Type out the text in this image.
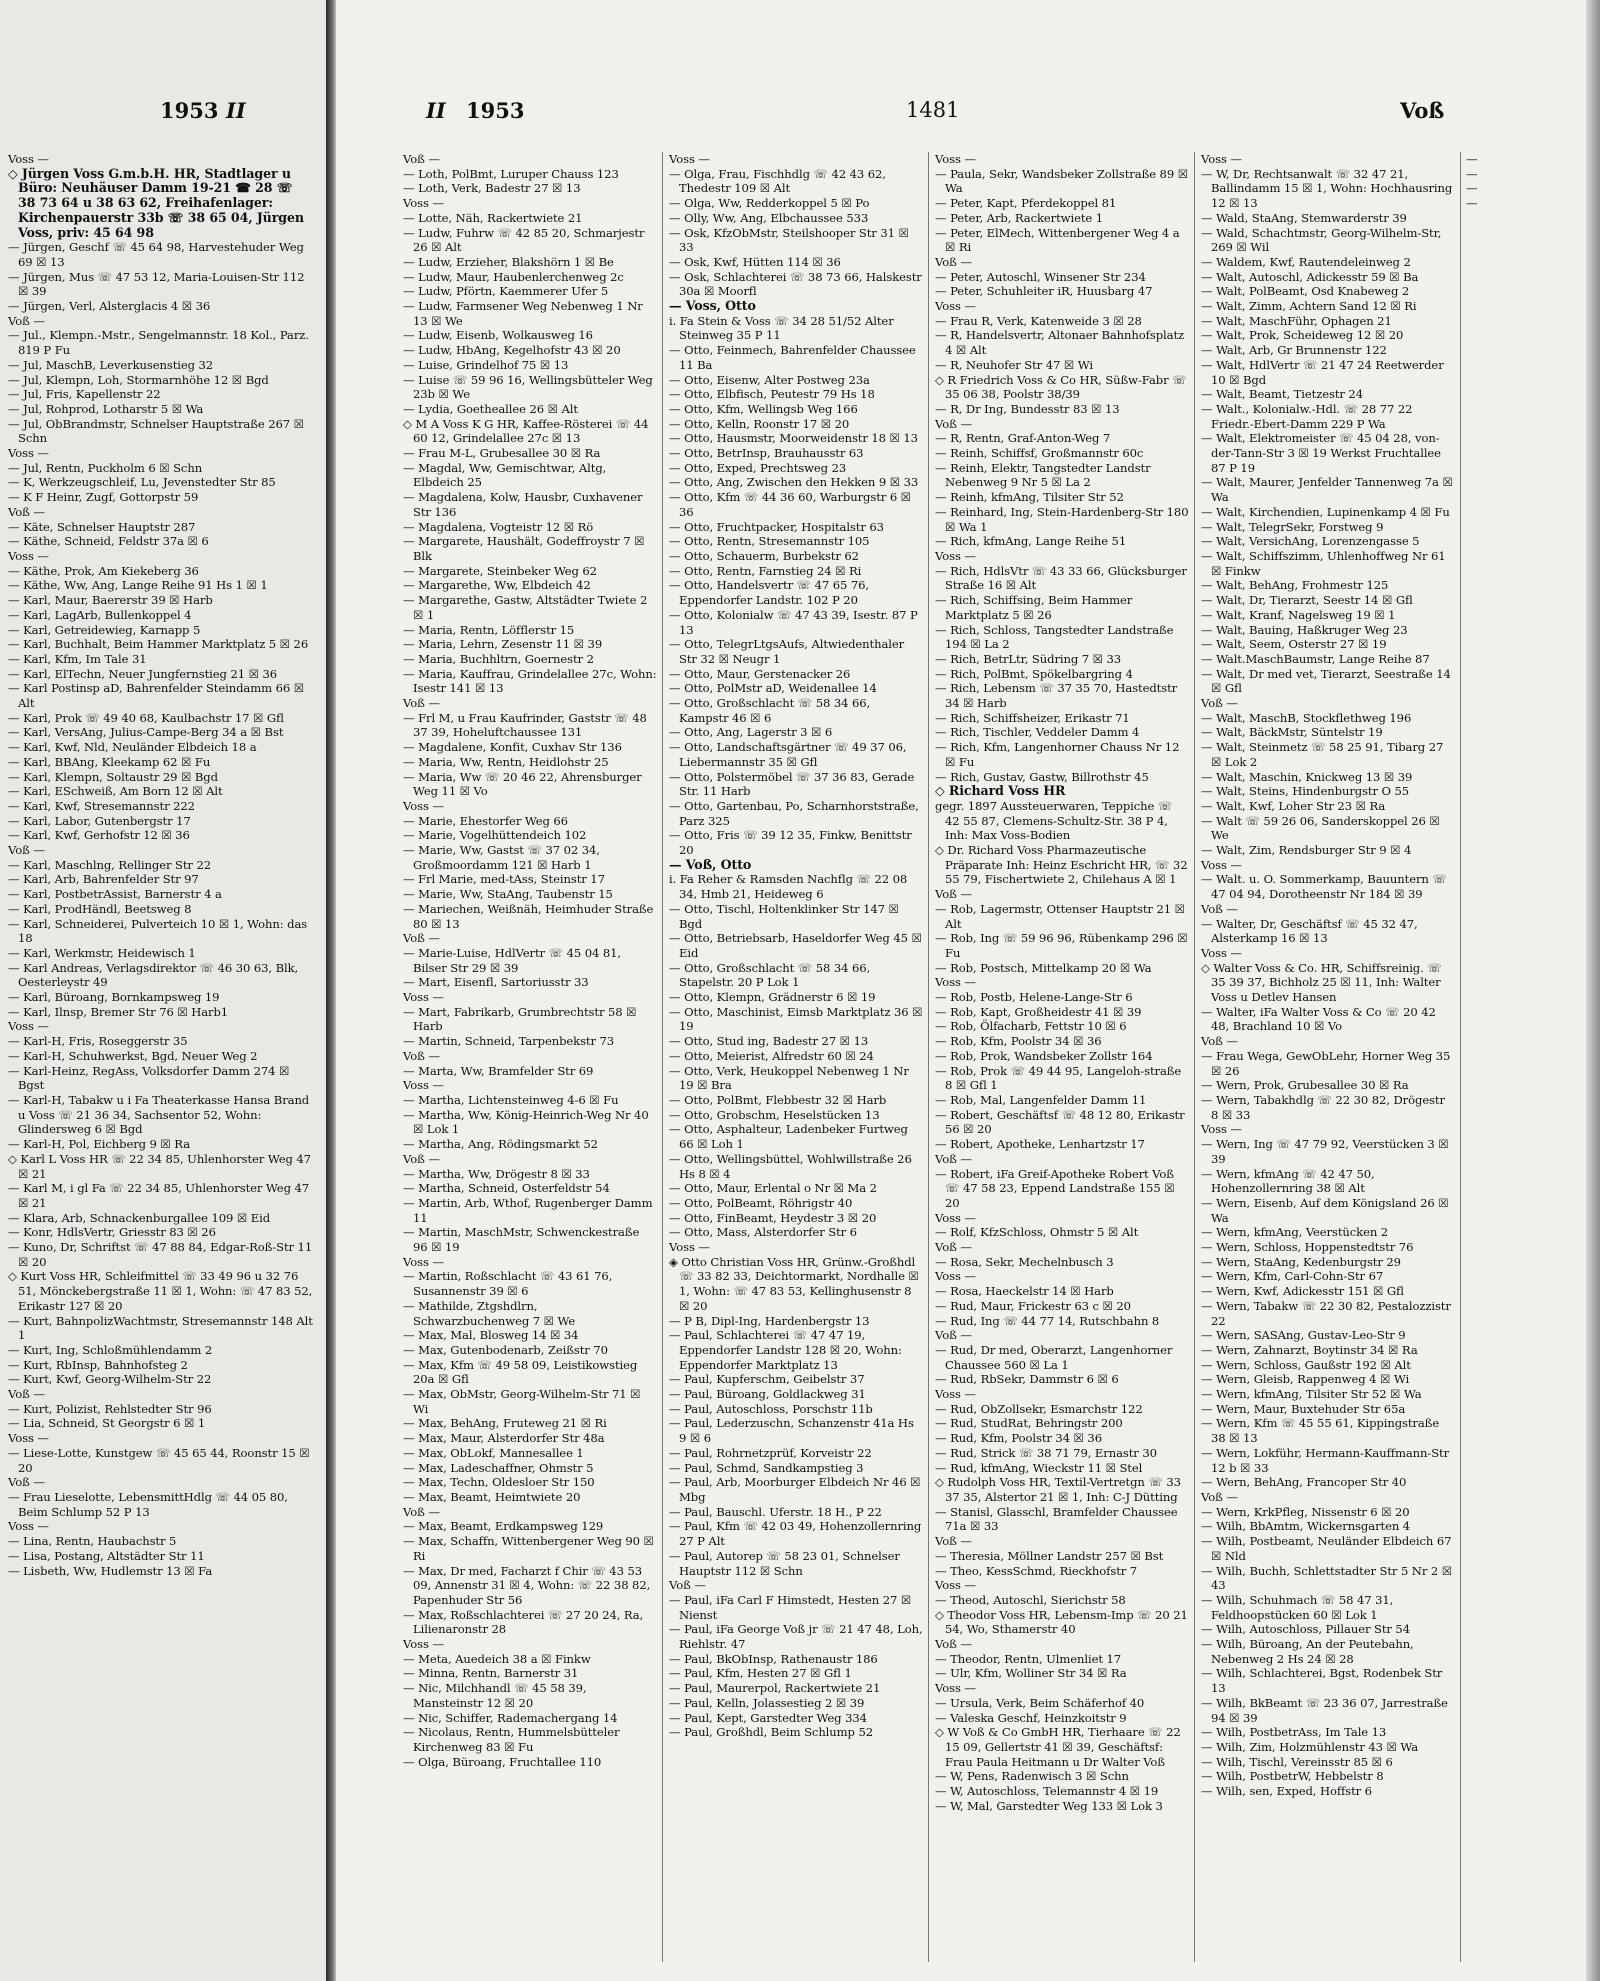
1953 II	II 1953	1481	Voß

Voss —

◇ Jürgen Voss G.m.b.H. HR, Stadtlager u Büro: Neuhäuser Damm 19-21 ☎ 28 ☏ 38 73 64 u 38 63 62, Freihafenlager: Kirchenpauerstr 33b ☏ 38 65 04, Jürgen Voss, priv: 45 64 98

— Jürgen, Geschf ☏ 45 64 98, Harvestehuder Weg 69 ☒ 13

— Jürgen, Mus ☏ 47 53 12, Maria-Louisen-Str 112 ☒ 39

— Jürgen, Verl, Alsterglacis 4 ☒ 36

Voß —

— Jul., Klempn.-Mstr., Sengelmannstr. 18 Kol., Parz. 819 P Fu

— Jul, MaschB, Leverkusenstieg 32

— Jul, Klempn, Loh, Stormarnhöhe 12 ☒ Bgd

— Jul, Fris, Kapellenstr 22

— Jul, Rohprod, Lotharstr 5 ☒ Wa

— Jul, ObBrandmstr, Schnelser Hauptstraße 267 ☒ Schn

Voss —

— Jul, Rentn, Puckholm 6 ☒ Schn

— K, Werkzeugschleif, Lu, Jevenstedter Str 85

— K F Heinr, Zugf, Gottorpstr 59

Voß —

— Käte, Schnelser Hauptstr 287

— Käthe, Schneid, Feldstr 37a ☒ 6

Voss —

— Käthe, Prok, Am Kiekeberg 36

— Käthe, Ww, Ang, Lange Reihe 91 Hs 1 ☒ 1

— Karl, Maur, Baererstr 39 ☒ Harb

— Karl, LagArb, Bullenkoppel 4

— Karl, Getreidewieg, Karnapp 5

— Karl, Buchhalt, Beim Hammer Marktplatz 5 ☒ 26

— Karl, Kfm, Im Tale 31

— Karl, ElTechn, Neuer Jungfernstieg 21 ☒ 36

— Karl Postinsp aD, Bahrenfelder Steindamm 66 ☒ Alt

— Karl, Prok ☏ 49 40 68, Kaulbachstr 17 ☒ Gfl

— Karl, VersAng, Julius-Campe-Berg 34 a ☒ Bst

— Karl, Kwf, Nld, Neuländer Elbdeich 18 a

— Karl, BBAng, Kleekamp 62 ☒ Fu

— Karl, Klempn, Soltaustr 29 ☒ Bgd

— Karl, ESchweiß, Am Born 12 ☒ Alt

— Karl, Kwf, Stresemannstr 222

— Karl, Labor, Gutenbergstr 17

— Karl, Kwf, Gerhofstr 12 ☒ 36

Voß —

— Karl, Maschlng, Rellinger Str 22

— Karl, Arb, Bahrenfelder Str 97

— Karl, PostbetrAssist, Barnerstr 4 a

— Karl, ProdHändl, Beetsweg 8

— Karl, Schneiderei, Pulverteich 10 ☒ 1, Wohn: das 18

— Karl, Werkmstr, Heidewisch 1

— Karl Andreas, Verlagsdirektor ☏ 46 30 63, Blk, Oesterleystr 49

— Karl, Büroang, Bornkampsweg 19

— Karl, Ilnsp, Bremer Str 76 ☒ Harb1

Voss —

— Karl-H, Fris, Roseggerstr 35

— Karl-H, Schuhwerkst, Bgd, Neuer Weg 2

— Karl-Heinz, RegAss, Volksdorfer Damm 274 ☒ Bgst

— Karl-H, Tabakw u i Fa Theaterkasse Hansa Brand u Voss ☏ 21 36 34, Sachsentor 52, Wohn: Glindersweg 6 ☒ Bgd

— Karl-H, Pol, Eichberg 9 ☒ Ra

◇ Karl L Voss HR ☏ 22 34 85, Uhlenhorster Weg 47 ☒ 21

— Karl M, i gl Fa ☏ 22 34 85, Uhlenhorster Weg 47 ☒ 21

— Klara, Arb, Schnackenburgallee 109 ☒ Eid

— Konr, HdlsVertr, Griesstr 83 ☒ 26

— Kuno, Dr, Schriftst ☏ 47 88 84, Edgar-Roß-Str 11 ☒ 20

◇ Kurt Voss HR, Schleifmittel ☏ 33 49 96 u 32 76 51, Mönckebergstraße 11 ☒ 1, Wohn: ☏ 47 83 52, Erikastr 127 ☒ 20

— Kurt, BahnpolizWachtmstr, Stresemannstr 148 Alt 1

— Kurt, Ing, Schloßmühlendamm 2

— Kurt, RbInsp, Bahnhofsteg 2

— Kurt, Kwf, Georg-Wilhelm-Str 22

Voß —

— Kurt, Polizist, Rehlstedter Str 96

— Lia, Schneid, St Georgstr 6 ☒ 1

Voss —

— Liese-Lotte, Kunstgew ☏ 45 65 44, Roonstr 15 ☒ 20

Voß —

— Frau Lieselotte, LebensmittHdlg ☏ 44 05 80, Beim Schlump 52 P 13

Voss —

— Lina, Rentn, Haubachstr 5

— Lisa, Postang, Altstädter Str 11

— Lisbeth, Ww, Hudlemstr 13 ☒ Fa

Voß —

— Loth, PolBmt, Luruper Chauss 123

— Loth, Verk, Badestr 27 ☒ 13

Voss —

— Lotte, Näh, Rackertwiete 21

— Ludw, Fuhrw ☏ 42 85 20, Schmarjestr 26 ☒ Alt

— Ludw, Erzieher, Blakshörn 1 ☒ Be

— Ludw, Maur, Haubenlerchenweg 2c

— Ludw, Pförtn, Kaemmerer Ufer 5

— Ludw, Farmsener Weg Nebenweg 1 Nr 13 ☒ We

— Ludw, Eisenb, Wolkausweg 16

— Ludw, HbAng, Kegelhofstr 43 ☒ 20

— Luise, Grindelhof 75 ☒ 13

— Luise ☏ 59 96 16, Wellingsbütteler Weg 23b ☒ We

— Lydia, Goetheallee 26 ☒ Alt

◇ M A Voss K G HR, Kaffee-Rösterei ☏ 44 60 12, Grindelallee 27c ☒ 13

— Frau M-L, Grubesallee 30 ☒ Ra

— Magdal, Ww, Gemischtwar, Altg, Elbdeich 25

— Magdalena, Kolw, Hausbr, Cuxhavener Str 136

— Magdalena, Vogteistr 12 ☒ Rö

— Margarete, Haushält, Godeffroystr 7 ☒ Blk

— Margarete, Steinbeker Weg 62

— Margarethe, Ww, Elbdeich 42

— Margarethe, Gastw, Altstädter Twiete 2 ☒ 1

— Maria, Rentn, Löfflerstr 15

— Maria, Lehrn, Zesenstr 11 ☒ 39

— Maria, Buchhltrn, Goernestr 2

— Maria, Kauffrau, Grindelallee 27c, Wohn: Isestr 141 ☒ 13

Voß —

— Frl M, u Frau Kaufrinder, Gaststr ☏ 48 37 39, Hoheluftchaussee 131

— Magdalene, Konfit, Cuxhav Str 136

— Maria, Ww, Rentn, Heidlohstr 25

— Maria, Ww ☏ 20 46 22, Ahrensburger Weg 11 ☒ Vo

Voss —

— Marie, Ehestorfer Weg 66

— Marie, Vogelhüttendeich 102

— Marie, Ww, Gastst ☏ 37 02 34, Großmoordamm 121 ☒ Harb 1

— Frl Marie, med-tAss, Steinstr 17

— Marie, Ww, StaAng, Taubenstr 15

— Mariechen, Weißnäh, Heimhuder Straße 80 ☒ 13

Voß —

— Marie-Luise, HdlVertr ☏ 45 04 81, Bilser Str 29 ☒ 39

— Mart, Eisenfl, Sartoriusstr 33

Voss —

— Mart, Fabrikarb, Grumbrechtstr 58 ☒ Harb

— Martin, Schneid, Tarpenbekstr 73

Voß —

— Marta, Ww, Bramfelder Str 69

Voss —

— Martha, Lichtensteinweg 4-6 ☒ Fu

— Martha, Ww, König-Heinrich-Weg Nr 40 ☒ Lok 1

— Martha, Ang, Rödingsmarkt 52

Voß —

— Martha, Ww, Drögestr 8 ☒ 33

— Martha, Schneid, Osterfeldstr 54

— Martin, Arb, Wthof, Rugenberger Damm 11

— Martin, MaschMstr, Schwenckestraße 96 ☒ 19

Voss —

— Martin, Roßschlacht ☏ 43 61 76, Susannenstr 39 ☒ 6

— Mathilde, Ztgshdlrn, Schwarzbuchenweg 7 ☒ We

— Max, Mal, Blosweg 14 ☒ 34

— Max, Gutenbodenarb, Zeißstr 70

— Max, Kfm ☏ 49 58 09, Leistikowstieg 20a ☒ Gfl

— Max, ObMstr, Georg-Wilhelm-Str 71 ☒ Wi

— Max, BehAng, Fruteweg 21 ☒ Ri

— Max, Maur, Alsterdorfer Str 48a

— Max, ObLokf, Mannesallee 1

— Max, Ladeschaffner, Ohmstr 5

— Max, Techn, Oldesloer Str 150

— Max, Beamt, Heimtwiete 20

Voß —

— Max, Beamt, Erdkampsweg 129

— Max, Schaffn, Wittenbergener Weg 90 ☒ Ri

— Max, Dr med, Facharzt f Chir ☏ 43 53 09, Annenstr 31 ☒ 4, Wohn: ☏ 22 38 82, Papenhuder Str 56

— Max, Roßschlachterei ☏ 27 20 24, Ra, Lilienaronstr 28

Voss —

— Meta, Auedeich 38 a ☒ Finkw

— Minna, Rentn, Barnerstr 31

— Nic, Milchhandl ☏ 45 58 39, Mansteinstr 12 ☒ 20

— Nic, Schiffer, Rademachergang 14

— Nicolaus, Rentn, Hummelsbütteler Kirchenweg 83 ☒ Fu

— Olga, Büroang, Fruchtallee 110

Voss —

— Olga, Frau, Fischhdlg ☏ 42 43 62, Thedestr 109 ☒ Alt

— Olga, Ww, Redderkoppel 5 ☒ Po

— Olly, Ww, Ang, Elbchaussee 533

— Osk, KfzObMstr, Steilshooper Str 31 ☒ 33

— Osk, Kwf, Hütten 114 ☒ 36

— Osk, Schlachterei ☏ 38 73 66, Halskestr 30a ☒ Moorfl

— Voss, Otto

i. Fa Stein & Voss ☏ 34 28 51/52 Alter Steinweg 35 P 11

— Otto, Feinmech, Bahrenfelder Chaussee 11 Ba

— Otto, Eisenw, Alter Postweg 23a

— Otto, Elbfisch, Peutestr 79 Hs 18

— Otto, Kfm, Wellingsb Weg 166

— Otto, Kelln, Roonstr 17 ☒ 20

— Otto, Hausmstr, Moorweidenstr 18 ☒ 13

— Otto, BetrInsp, Brauhausstr 63

— Otto, Exped, Prechtsweg 23

— Otto, Ang, Zwischen den Hekken 9 ☒ 33

— Otto, Kfm ☏ 44 36 60, Warburgstr 6 ☒ 36

— Otto, Fruchtpacker, Hospitalstr 63

— Otto, Rentn, Stresemannstr 105

— Otto, Schauerm, Burbekstr 62

— Otto, Rentn, Farnstieg 24 ☒ Ri

— Otto, Handelsvertr ☏ 47 65 76, Eppendorfer Landstr. 102 P 20

— Otto, Kolonialw ☏ 47 43 39, Isestr. 87 P 13

— Otto, TelegrLtgsAufs, Altwiedenthaler Str 32 ☒ Neugr 1

— Otto, Maur, Gerstenacker 26

— Otto, PolMstr aD, Weidenallee 14

— Otto, Großschlacht ☏ 58 34 66, Kampstr 46 ☒ 6

— Otto, Ang, Lagerstr 3 ☒ 6

— Otto, Landschaftsgärtner ☏ 49 37 06, Liebermannstr 35 ☒ Gfl

— Otto, Polstermöbel ☏ 37 36 83, Gerade Str. 11 Harb

— Otto, Gartenbau, Po, Scharnhorststraße, Parz 325

— Otto, Fris ☏ 39 12 35, Finkw, Benittstr 20

— Voß, Otto

i. Fa Reher & Ramsden Nachflg ☏ 22 08 34, Hmb 21, Heideweg 6

— Otto, Tischl, Holtenklinker Str 147 ☒ Bgd

— Otto, Betriebsarb, Haseldorfer Weg 45 ☒ Eid

— Otto, Großschlacht ☏ 58 34 66, Stapelstr. 20 P Lok 1

— Otto, Klempn, Grädnerstr 6 ☒ 19

— Otto, Maschinist, Eimsb Marktplatz 36 ☒ 19

— Otto, Stud ing, Badestr 27 ☒ 13

— Otto, Meierist, Alfredstr 60 ☒ 24

— Otto, Verk, Heukoppel Nebenweg 1 Nr 19 ☒ Bra

— Otto, PolBmt, Flebbestr 32 ☒ Harb

— Otto, Grobschm, Heselstücken 13

— Otto, Asphalteur, Ladenbeker Furtweg 66 ☒ Loh 1

— Otto, Wellingsbüttel, Wohlwillstraße 26 Hs 8 ☒ 4

— Otto, Maur, Erlental o Nr ☒ Ma 2

— Otto, PolBeamt, Röhrigstr 40

— Otto, FinBeamt, Heydestr 3 ☒ 20

— Otto, Mass, Alsterdorfer Str 6

Voss —

◈ Otto Christian Voss HR, Grünw.-Großhdl ☏ 33 82 33, Deichtormarkt, Nordhalle ☒ 1, Wohn: ☏ 47 83 53, Kellinghusenstr 8 ☒ 20

— P B, Dipl-Ing, Hardenbergstr 13

— Paul, Schlachterei ☏ 47 47 19, Eppendorfer Landstr 128 ☒ 20, Wohn: Eppendorfer Marktplatz 13

— Paul, Kupferschm, Geibelstr 37

— Paul, Büroang, Goldlackweg 31

— Paul, Autoschloss, Porschstr 11b

— Paul, Lederzuschn, Schanzenstr 41a Hs 9 ☒ 6

— Paul, Rohrnetzprüf, Korveistr 22

— Paul, Schmd, Sandkampstieg 3

— Paul, Arb, Moorburger Elbdeich Nr 46 ☒ Mbg

— Paul, Bauschl. Uferstr. 18 H., P 22

— Paul, Kfm ☏ 42 03 49, Hohenzollernring 27 P Alt

— Paul, Autorep ☏ 58 23 01, Schnelser Hauptstr 112 ☒ Schn

Voß —

— Paul, iFa Carl F Himstedt, Hesten 27 ☒ Nienst

— Paul, iFa George Voß jr ☏ 21 47 48, Loh, Riehlstr. 47

— Paul, BkObInsp, Rathenaustr 186

— Paul, Kfm, Hesten 27 ☒ Gfl 1

— Paul, Maurerpol, Rackertwiete 21

— Paul, Kelln, Jolassestieg 2 ☒ 39

— Paul, Kept, Garstedter Weg 334

— Paul, Großhdl, Beim Schlump 52

Voss —

— Paula, Sekr, Wandsbeker Zollstraße 89 ☒ Wa

— Peter, Kapt, Pferdekoppel 81

— Peter, Arb, Rackertwiete 1

— Peter, ElMech, Wittenbergener Weg 4 a ☒ Ri

Voß —

— Peter, Autoschl, Winsener Str 234

— Peter, Schuhleiter iR, Huusbarg 47

Voss —

— Frau R, Verk, Katenweide 3 ☒ 28

— R, Handelsvertr, Altonaer Bahnhofsplatz 4 ☒ Alt

— R, Neuhofer Str 47 ☒ Wi

◇ R Friedrich Voss & Co HR, Süßw-Fabr ☏ 35 06 38, Poolstr 38/39

— R, Dr Ing, Bundesstr 83 ☒ 13

Voß —

— R, Rentn, Graf-Anton-Weg 7

— Reinh, Schiffsf, Großmannstr 60c

— Reinh, Elektr, Tangstedter Landstr Nebenweg 9 Nr 5 ☒ La 2

— Reinh, kfmAng, Tilsiter Str 52

— Reinhard, Ing, Stein-Hardenberg-Str 180 ☒ Wa 1

— Rich, kfmAng, Lange Reihe 51

Voss —

— Rich, HdlsVtr ☏ 43 33 66, Glücksburger Straße 16 ☒ Alt

— Rich, Schiffsing, Beim Hammer Marktplatz 5 ☒ 26

— Rich, Schloss, Tangstedter Landstraße 194 ☒ La 2

— Rich, BetrLtr, Südring 7 ☒ 33

— Rich, PolBmt, Spökelbargring 4

— Rich, Lebensm ☏ 37 35 70, Hastedtstr 34 ☒ Harb

— Rich, Schiffsheizer, Erikastr 71

— Rich, Tischler, Veddeler Damm 4

— Rich, Kfm, Langenhorner Chauss Nr 12 ☒ Fu

— Rich, Gustav, Gastw, Billrothstr 45

◇ Richard Voss HR

gegr. 1897 Aussteuerwaren, Teppiche ☏ 42 55 87, Clemens-Schultz-Str. 38 P 4, Inh: Max Voss-Bodien

◇ Dr. Richard Voss Pharmazeutische Präparate Inh: Heinz Eschricht HR, ☏ 32 55 79, Fischertwiete 2, Chilehaus A ☒ 1

Voß —

— Rob, Lagermstr, Ottenser Hauptstr 21 ☒ Alt

— Rob, Ing ☏ 59 96 96, Rübenkamp 296 ☒ Fu

— Rob, Postsch, Mittelkamp 20 ☒ Wa

Voss —

— Rob, Postb, Helene-Lange-Str 6

— Rob, Kapt, Großheidestr 41 ☒ 39

— Rob, Ölfacharb, Fettstr 10 ☒ 6

— Rob, Kfm, Poolstr 34 ☒ 36

— Rob, Prok, Wandsbeker Zollstr 164

— Rob, Prok ☏ 49 44 95, Langeloh-straße 8 ☒ Gfl 1

— Rob, Mal, Langenfelder Damm 11

— Robert, Geschäftsf ☏ 48 12 80, Erikastr 56 ☒ 20

— Robert, Apotheke, Lenhartzstr 17

Voß —

— Robert, iFa Greif-Apotheke Robert Voß ☏ 47 58 23, Eppend Landstraße 155 ☒ 20

Voss —

— Rolf, KfzSchloss, Ohmstr 5 ☒ Alt

Voß —

— Rosa, Sekr, Mechelnbusch 3

Voss —

— Rosa, Haeckelstr 14 ☒ Harb

— Rud, Maur, Frickestr 63 c ☒ 20

— Rud, Ing ☏ 44 77 14, Rutschbahn 8

Voß —

— Rud, Dr med, Oberarzt, Langenhorner Chaussee 560 ☒ La 1

— Rud, RbSekr, Dammstr 6 ☒ 6

Voss —

— Rud, ObZollsekr, Esmarchstr 122

— Rud, StudRat, Behringstr 200

— Rud, Kfm, Poolstr 34 ☒ 36

— Rud, Strick ☏ 38 71 79, Ernastr 30

— Rud, kfmAng, Wieckstr 11 ☒ Stel

◇ Rudolph Voss HR, Textil-Vertretgn ☏ 33 37 35, Alstertor 21 ☒ 1, Inh: C-J Dütting

— Stanisl, Glasschl, Bramfelder Chaussee 71a ☒ 33

Voß —

— Theresia, Möllner Landstr 257 ☒ Bst

— Theo, KessSchmd, Rieckhofstr 7

Voss —

— Theod, Autoschl, Sierichstr 58

◇ Theodor Voss HR, Lebensm-Imp ☏ 20 21 54, Wo, Sthamerstr 40

Voß —

— Theodor, Rentn, Ulmenliet 17

— Ulr, Kfm, Wolliner Str 34 ☒ Ra

Voss —

— Ursula, Verk, Beim Schäferhof 40

— Valeska Geschf, Heinzkoitstr 9

◇ W Voß & Co GmbH HR, Tierhaare ☏ 22 15 09, Gellertstr 41 ☒ 39, Geschäftsf: Frau Paula Heitmann u Dr Walter Voß

— W, Pens, Radenwisch 3 ☒ Schn

— W, Autoschloss, Telemannstr 4 ☒ 19

— W, Mal, Garstedter Weg 133 ☒ Lok 3

Voss —

— W, Dr, Rechtsanwalt ☏ 32 47 21, Ballindamm 15 ☒ 1, Wohn: Hochhausring 12 ☒ 13

— Wald, StaAng, Stemwarderstr 39

— Wald, Schachtmstr, Georg-Wilhelm-Str, 269 ☒ Wil

— Waldem, Kwf, Rautendeleinweg 2

— Walt, Autoschl, Adickesstr 59 ☒ Ba

— Walt, PolBeamt, Osd Knabeweg 2

— Walt, Zimm, Achtern Sand 12 ☒ Ri

— Walt, MaschFühr, Ophagen 21

— Walt, Prok, Scheideweg 12 ☒ 20

— Walt, Arb, Gr Brunnenstr 122

— Walt, HdlVertr ☏ 21 47 24 Reetwerder 10 ☒ Bgd

— Walt, Beamt, Tietzestr 24

— Walt., Kolonialw.-Hdl. ☏ 28 77 22 Friedr.-Ebert-Damm 229 P Wa

— Walt, Elektromeister ☏ 45 04 28, von-der-Tann-Str 3 ☒ 19 Werkst Fruchtallee 87 P 19

— Walt, Maurer, Jenfelder Tannenweg 7a ☒ Wa

— Walt, Kirchendien, Lupinenkamp 4 ☒ Fu

— Walt, TelegrSekr, Forstweg 9

— Walt, VersichAng, Lorenzengasse 5

— Walt, Schiffszimm, Uhlenhoffweg Nr 61 ☒ Finkw

— Walt, BehAng, Frohmestr 125

— Walt, Dr, Tierarzt, Seestr 14 ☒ Gfl

— Walt, Kranf, Nagelsweg 19 ☒ 1

— Walt, Bauing, Haßkruger Weg 23

— Walt, Seem, Osterstr 27 ☒ 19

— Walt.MaschBaumstr, Lange Reihe 87

— Walt, Dr med vet, Tierarzt, Seestraße 14 ☒ Gfl

Voß —

— Walt, MaschB, Stockflethweg 196

— Walt, BäckMstr, Süntelstr 19

— Walt, Steinmetz ☏ 58 25 91, Tibarg 27 ☒ Lok 2

— Walt, Maschin, Knickweg 13 ☒ 39

— Walt, Steins, Hindenburgstr O 55

— Walt, Kwf, Loher Str 23 ☒ Ra

— Walt ☏ 59 26 06, Sanderskoppel 26 ☒ We

— Walt, Zim, Rendsburger Str 9 ☒ 4

Voss —

— Walt. u. O. Sommerkamp, Bauuntern ☏ 47 04 94, Dorotheenstr Nr 184 ☒ 39

Voß —

— Walter, Dr, Geschäftsf ☏ 45 32 47, Alsterkamp 16 ☒ 13

Voss —

◇ Walter Voss & Co. HR, Schiffsreinig. ☏ 35 39 37, Bichholz 25 ☒ 11, Inh: Walter Voss u Detlev Hansen

— Walter, iFa Walter Voss & Co ☏ 20 42 48, Brachland 10 ☒ Vo

Voß —

— Frau Wega, GewObLehr, Horner Weg 35 ☒ 26

— Wern, Prok, Grubesallee 30 ☒ Ra

— Wern, Tabakhdlg ☏ 22 30 82, Drögestr 8 ☒ 33

Voss —

— Wern, Ing ☏ 47 79 92, Veerstücken 3 ☒ 39

— Wern, kfmAng ☏ 42 47 50, Hohenzollernring 38 ☒ Alt

— Wern, Eisenb, Auf dem Königsland 26 ☒ Wa

— Wern, kfmAng, Veerstücken 2

— Wern, Schloss, Hoppenstedtstr 76

— Wern, StaAng, Kedenburgstr 29

— Wern, Kfm, Carl-Cohn-Str 67

— Wern, Kwf, Adickesstr 151 ☒ Gfl

— Wern, Tabakw ☏ 22 30 82, Pestalozzistr 22

— Wern, SASAng, Gustav-Leo-Str 9

— Wern, Zahnarzt, Boytinstr 34 ☒ Ra

— Wern, Schloss, Gaußstr 192 ☒ Alt

— Wern, Gleisb, Rappenweg 4 ☒ Wi

— Wern, kfmAng, Tilsiter Str 52 ☒ Wa

— Wern, Maur, Buxtehuder Str 65a

— Wern, Kfm ☏ 45 55 61, Kippingstraße 38 ☒ 13

— Wern, Lokführ, Hermann-Kauffmann-Str 12 b ☒ 33

— Wern, BehAng, Francoper Str 40

Voß —

— Wern, KrkPfleg, Nissenstr 6 ☒ 20

— Wilh, BbAmtm, Wickernsgarten 4

— Wilh, Postbeamt, Neuländer Elbdeich 67 ☒ Nld

— Wilh, Buchh, Schlettstadter Str 5 Nr 2 ☒ 43

— Wilh, Schuhmach ☏ 58 47 31, Feldhoopstücken 60 ☒ Lok 1

— Wilh, Autoschloss, Pillauer Str 54

— Wilh, Büroang, An der Peutebahn, Nebenweg 2 Hs 24 ☒ 28

— Wilh, Schlachterei, Bgst, Rodenbek Str 13

— Wilh, BkBeamt ☏ 23 36 07, Jarrestraße 94 ☒ 39

— Wilh, PostbetrAss, Im Tale 13

— Wilh, Zim, Holzmühlenstr 43 ☒ Wa

— Wilh, Tischl, Vereinsstr 85 ☒ 6

— Wilh, PostbetrW, Hebbelstr 8

— Wilh, sen, Exped, Hoffstr 6

—

—

—

—
